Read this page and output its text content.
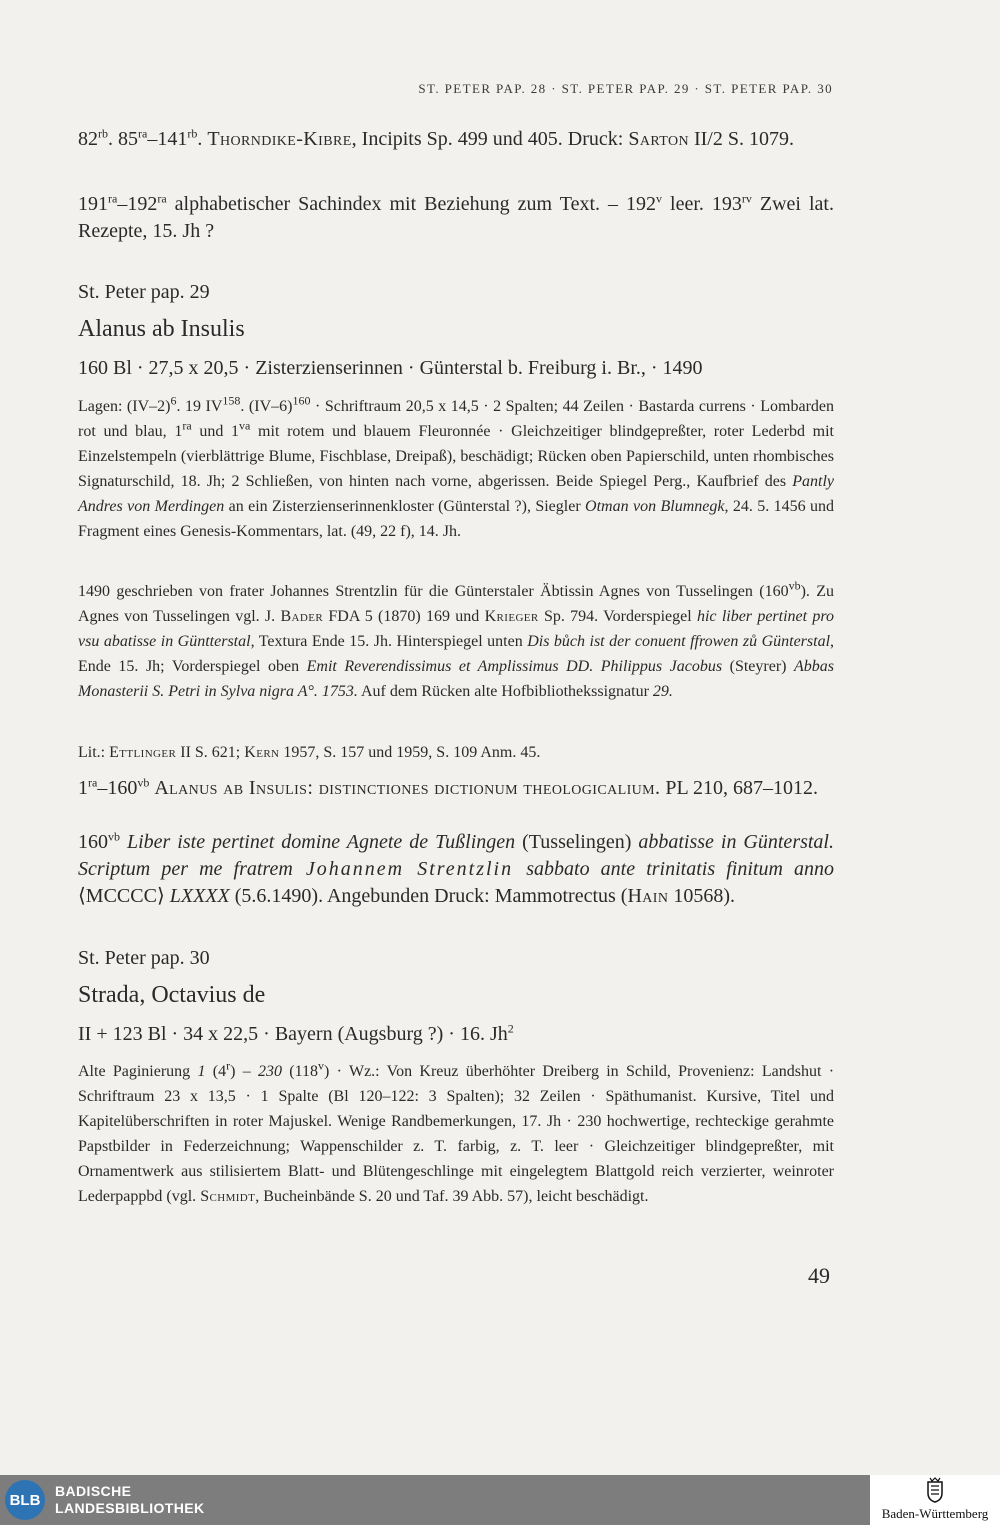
ST. PETER PAP. 28 · ST. PETER PAP. 29 · ST. PETER PAP. 30

$82^{rb}$. $85^{ra}-141^{rb}$. Thorndike-Kibre, Incipits Sp. 499 und 405. Druck: Sarton II/2 S. 1079.

$191^{ra}-192^{ra}$ alphabetischer Sachindex mit Beziehung zum Text. – 192$^v$ leer. $193^{rv}$ Zwei lat. Rezepte, 15. Jh ?

St. Peter pap. 29

Alanus ab Insulis

160 Bl · 27,5 x 20,5 · Zisterzienserinnen · Günterstal b. Freiburg i. Br., · 1490

Lagen: $(IV-2)^6$. 19 IV$^{158}$. $(IV-6)^{160}$ · Schriftraum 20,5 x 14,5 · 2 Spalten; 44 Zeilen · Bastarda currens · Lombarden rot und blau, $1^{ra}$ und $1^{va}$ mit rotem und blauem Fleuronnée · Gleichzeitiger blindgepreßter, roter Lederbd mit Einzelstempeln (vierblättrige Blume, Fischblase, Dreipaß), beschädigt; Rücken oben Papierschild, unten rhombisches Signaturschild, 18. Jh; 2 Schließen, von hinten nach vorne, abgerissen. Beide Spiegel Perg., Kaufbrief des Pantly Andres von Merdingen an ein Zisterzienserinnenkloster (Günterstal ?), Siegler Otman von Blumnegk, 24. 5. 1456 und Fragment eines Genesis-Kommentars, lat. (49, 22 f), 14. Jh.

1490 geschrieben von frater Johannes Strentzlin für die Günterstaler Äbtissin Agnes von Tusselingen $(160^{vb})$. Zu Agnes von Tusselingen vgl. J. Bader FDA 5 (1870) 169 und Krieger Sp. 794. Vorderspiegel hic liber pertinet pro vsu abatisse in Güntterstal, Textura Ende 15. Jh. Hinterspiegel unten Dis bůch ist der conuent ffrowen zů Günterstal, Ende 15. Jh; Vorderspiegel oben Emit Reverendissimus et Amplissimus DD. Philippus Jacobus (Steyrer) Abbas Monasterii S. Petri in Sylva nigra A°. 1753. Auf dem Rücken alte Hofbibliothekssignatur 29.

Lit.: Ettlinger II S. 621; Kern 1957, S. 157 und 1959, S. 109 Anm. 45.

$1^{ra}-160^{vb}$ Alanus ab Insulis: distinctiones dictionum theologicalium. PL 210, 687–1012.

$160^{vb}$ Liber iste pertinet domine Agnete de Tußlingen (Tusselingen) abbatisse in Günterstal. Scriptum per me fratrem Johannem Strentzlin sabbato ante trinitatis finitum anno ⟨MCCCC⟩ LXXXX (5.6.1490). Angebunden Druck: Mammotrectus (Hain 10568).

St. Peter pap. 30

Strada, Octavius de

II + 123 Bl · 34 x 22,5 · Bayern (Augsburg ?) · 16. Jh$^2$

Alte Paginierung 1 (4$^r$) – 230 $(118^v) \cdot Wz$.: Von Kreuz überhöhter Dreiberg in Schild, Provenienz: Landshut · Schriftraum 23 x 13,5 · 1 Spalte (Bl 120–122: 3 Spalten); 32 Zeilen · Späthumanist. Kursive, Titel und Kapitelüberschriften in roter Majuskel. Wenige Randbemerkungen, 17. Jh · 230 hochwertige, rechteckige gerahmte Papstbilder in Federzeichnung; Wappenschilder z. T. farbig, z. T. leer · Gleichzeitiger blindgepreßter, mit Ornamentwerk aus stilisiertem Blatt- und Blütengeschlinge mit eingelegtem Blattgold reich verzierter, weinroter Lederpappbd (vgl. Schmidt, Bucheinbände S. 20 und Taf. 39 Abb. 57), leicht beschädigt.

49
BLB
BADISCHE
LANDESBIBLIOTHEK	Baden-Württemberg
